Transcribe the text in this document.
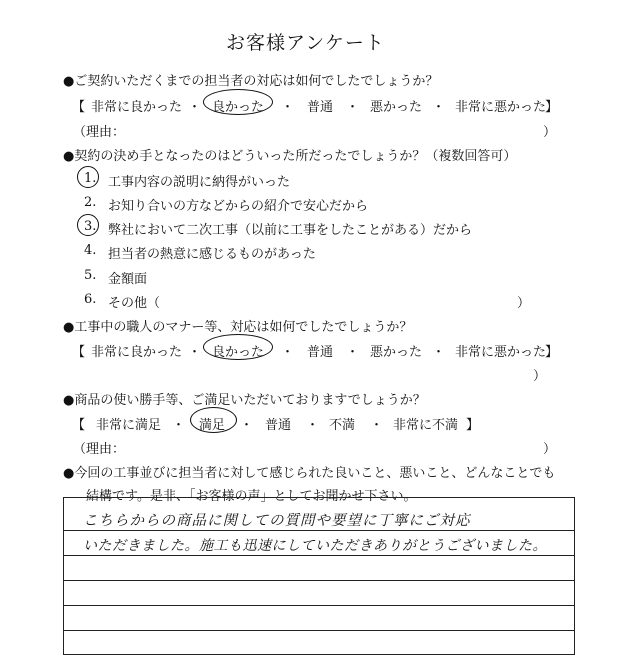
お客様アンケート
●ご契約いただくまでの担当者の対応は如何でしたでしょうか？
【 非常に良かった ・ 良かった ・ 普通 ・ 悪かった ・ 非常に悪かった
】
（理由：	）
●契約の決め手となったのはどういった所だったでしょうか？（複数回答可）
1. 工事内容の説明に納得がいった
2. お知り合いの方などからの紹介で安心だから
3. 弊社において二次工事（以前に工事をしたことがある）だから
4. 担当者の熱意に感じるものがあった
5. 金額面
6. その他（	）
●工事中の職人のマナー等、対応は如何でしたでしょうか？
【 非常に良かった ・ 良かった ・ 普通 ・ 悪かった ・ 非常に悪かった
】
）
●商品の使い勝手等、ご満足いただいておりますでしょうか？
【 非常に満足 ・ 満足 ・ 普通 ・ 不満 ・ 非常に不満 】
（理由：	）
●今回の工事並びに担当者に対して感じられた良いこと、悪いこと、どんなことでも
結構です。是非、「お客様の声」としてお聞かせ下さい。
こちらからの商品に関しての質問や要望に丁寧にご対応
いただきました。施工も迅速にしていただきありがとうございました。
